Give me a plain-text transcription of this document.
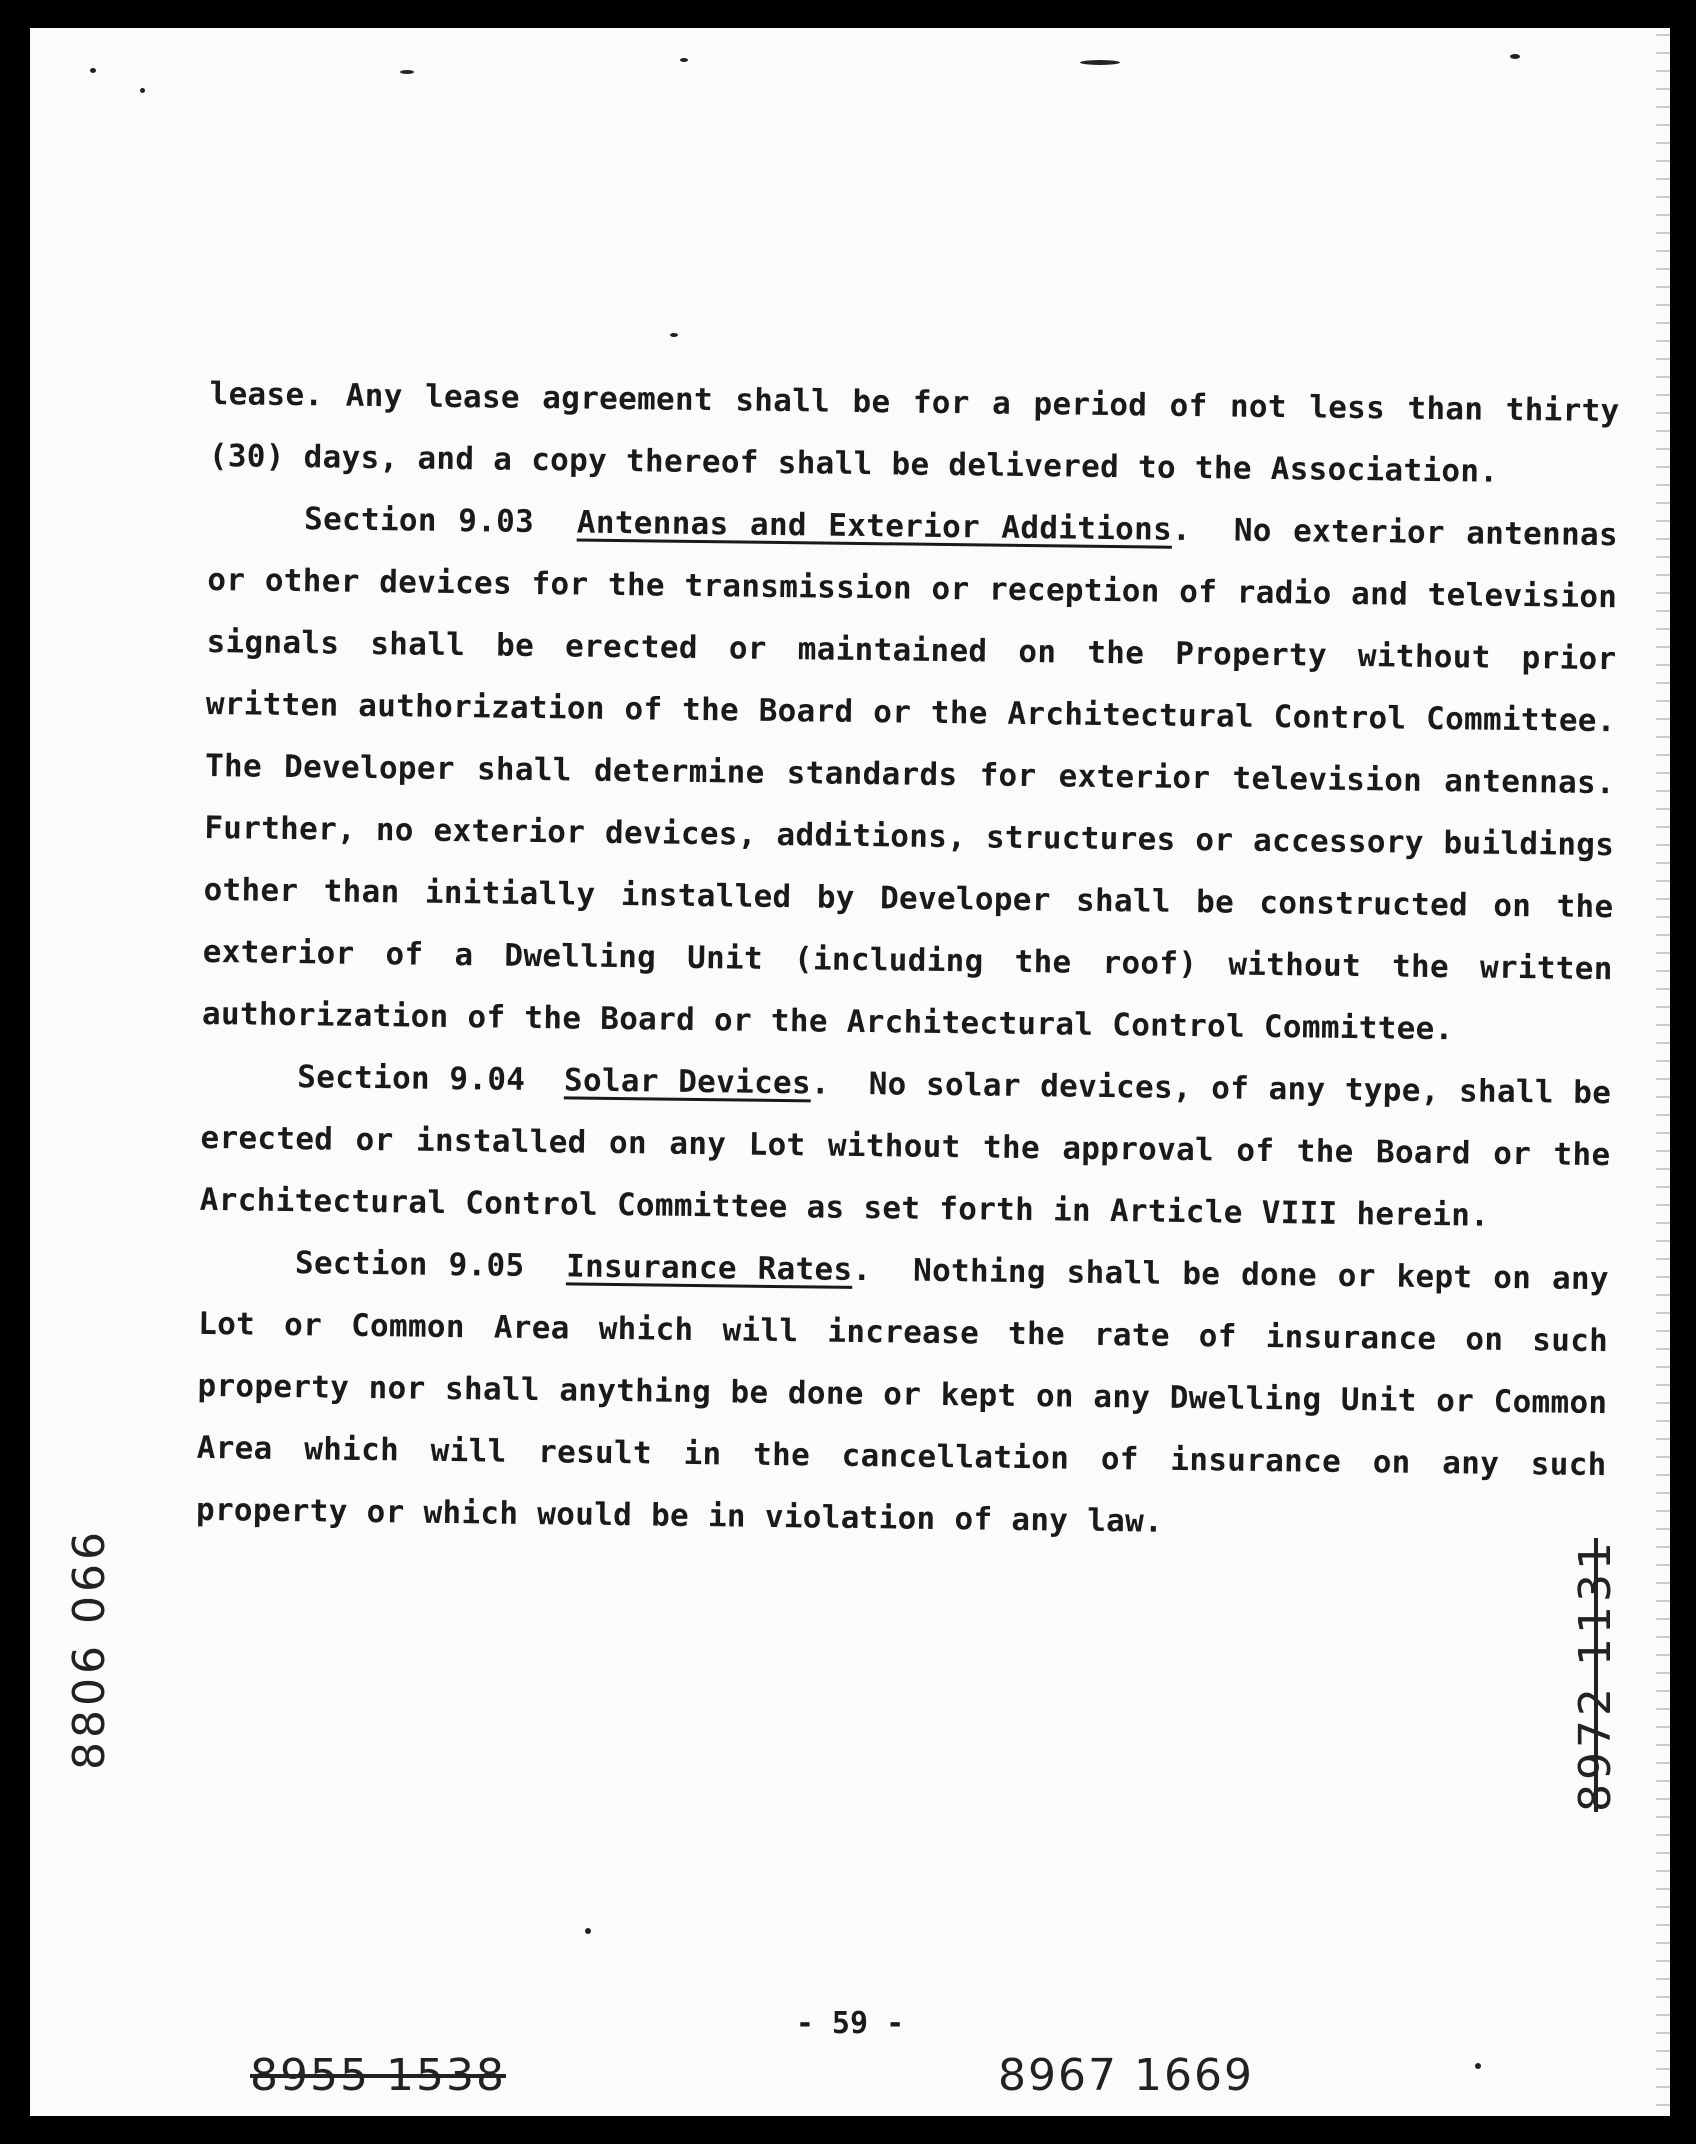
lease. Any lease agreement shall be for a period of not less than thirty (30) days, and a copy thereof shall be delivered to the Association.

Section 9.03 Antennas and Exterior Additions.  No exterior antennas or other devices for the transmission or reception of radio and television signals shall be erected or maintained on the Property without prior written authorization of the Board or the Architectural Control Committee. The Developer shall determine standards for exterior television antennas. Further, no exterior devices, additions, structures or accessory buildings other than initially installed by Developer shall be constructed on the exterior of a Dwelling Unit (including the roof) without the written authorization of the Board or the Architectural Control Committee.

Section 9.04 Solar Devices.  No solar devices, of any type, shall be erected or installed on any Lot without the approval of the Board or the Architectural Control Committee as set forth in Article VIII herein.

Section 9.05 Insurance Rates.  Nothing shall be done or kept on any Lot or Common Area which will increase the rate of insurance on such property nor shall anything be done or kept on any Dwelling Unit or Common Area which will result in the cancellation of insurance on any such property or which would be in violation of any law.

8806 066	8972 1131
- 59 -
8955 1538	8967 1669
